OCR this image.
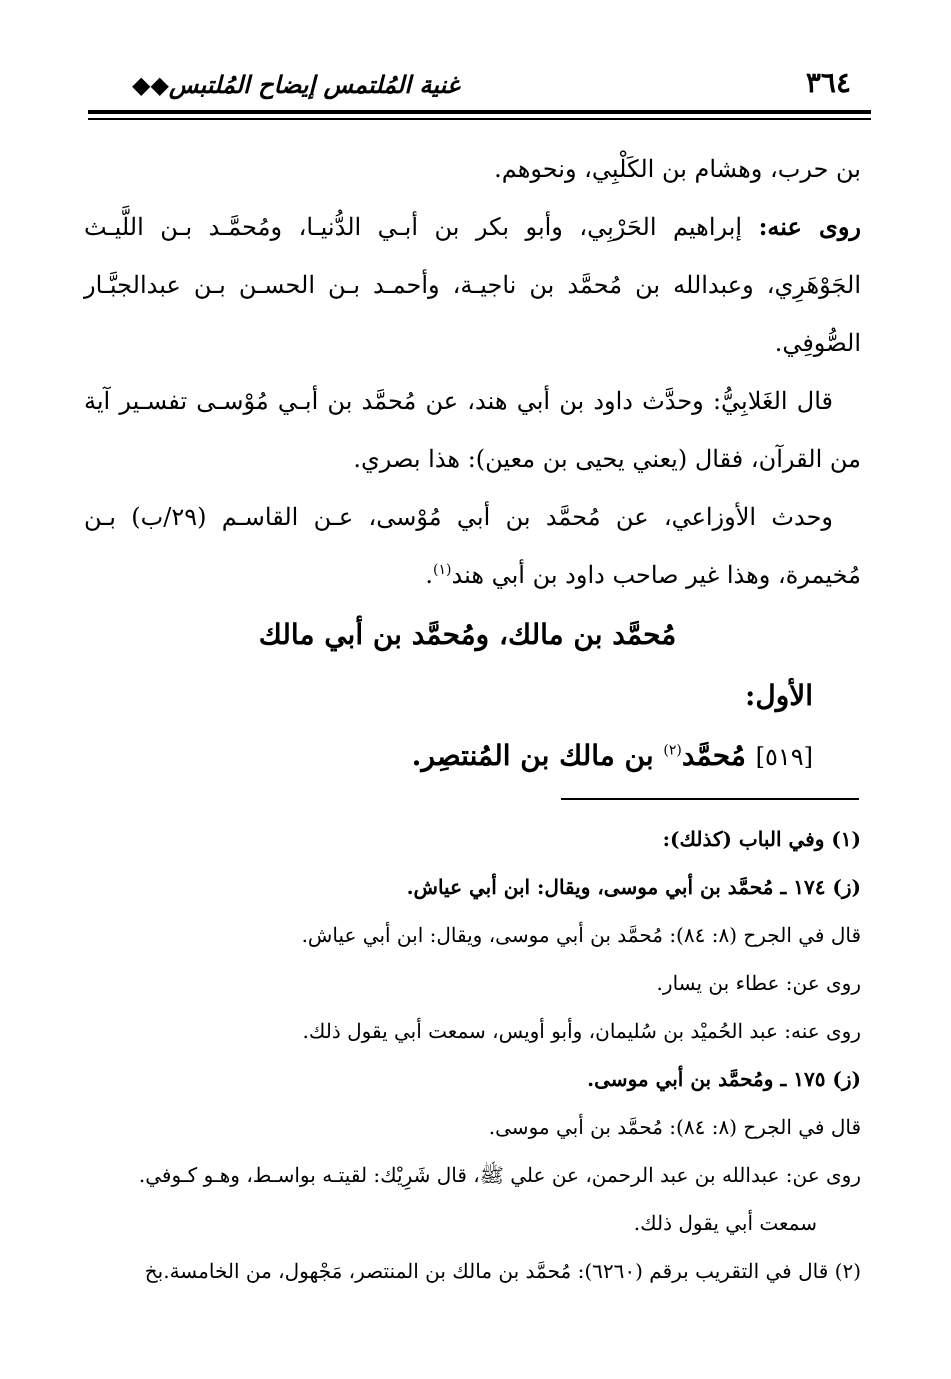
٣٦٤
غنية المُلتمس إيضاح المُلتبس◆◆

بن حرب، وهشام بن الكَلْبِي، ونحوهم.

روى عنه: إبراهيم الحَرْبِي، وأبو بكر بن أبـي الدُّنيـا، ومُحمَّـد بـن اللَّيـث الجَوْهَرِي، وعبدالله بن مُحمَّد بن ناجيـة، وأحمـد بـن الحسـن بـن عبدالجبَّـار الصُّوفِي.

قال الغَلابِيُّ: وحدَّث داود بن أبي هند، عن مُحمَّد بن أبـي مُوْسـى تفسـير آية من القرآن، فقال (يعني يحيى بن معين): هذا بصري.

وحدث الأوزاعي، عن مُحمَّد بن أبي مُوْسى، عـن القاسـم (٢٩/ب) بـن مُخيمرة، وهذا غير صاحب داود بن أبي هند$^{(١)}$.

مُحمَّد بن مالك، ومُحمَّد بن أبي مالك

الأول:

[٥١٩] مُحمَّد$^{(٢)}$ بن مالك بن المُنتصِر.

(١) وفي الباب (كذلك):

(ز) ١٧٤ ـ مُحمَّد بن أبي موسى، ويقال: ابن أبي عياش.

قال في الجرح (٨: ٨٤): مُحمَّد بن أبي موسى، ويقال: ابن أبي عياش.

روى عن: عطاء بن يسار.

روى عنه: عبد الحُميْد بن سُليمان، وأبو أويس، سمعت أبي يقول ذلك.

(ز) ١٧٥ ـ ومُحمَّد بن أبي موسى.

قال في الجرح (٨: ٨٤): مُحمَّد بن أبي موسى.

روى عن: عبدالله بن عبد الرحمن، عن علي ﷺ، قال شَرِيْك: لقيتـه بواسـط، وهـو كـوفي.

سمعت أبي يقول ذلك.

(٢) قال في التقريب برقم (٦٢٦٠): مُحمَّد بن مالك بن المنتصر، مَجْهول، من الخامسة.بخ
